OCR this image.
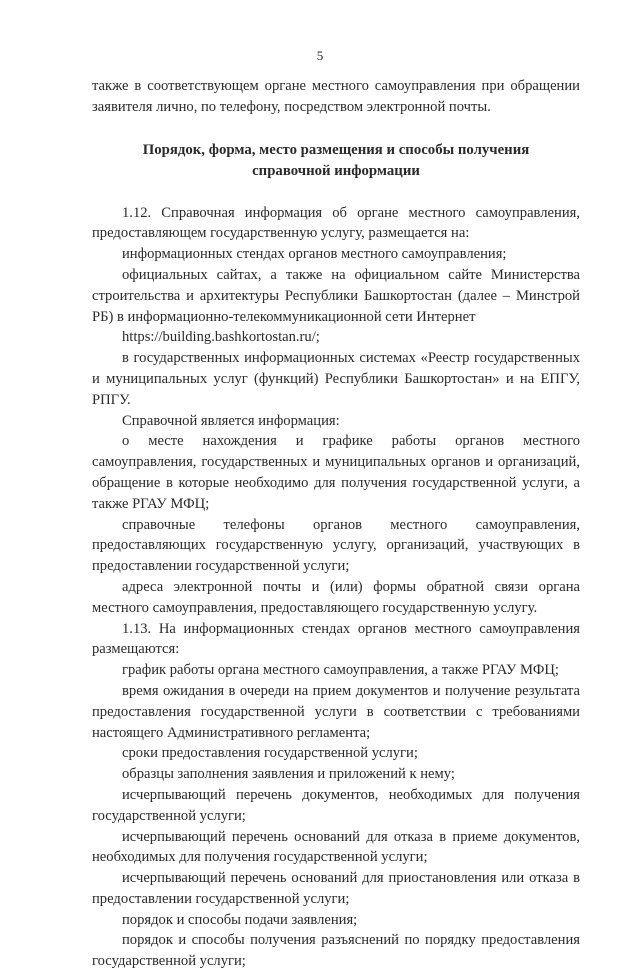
5

также в соответствующем органе местного самоуправления при обращении заявителя лично, по телефону, посредством электронной почты.

Порядок, форма, место размещения и способы получения
справочной информации

1.12. Справочная информация об органе местного самоуправления, предоставляющем государственную услугу, размещается на:

информационных стендах органов местного самоуправления;

официальных сайтах, а также на официальном сайте Министерства строительства и архитектуры Республики Башкортостан (далее – Минстрой РБ) в информационно-телекоммуникационной сети Интернет

https://building.bashkortostan.ru/;

в государственных информационных системах «Реестр государственных и муниципальных услуг (функций) Республики Башкортостан» и на ЕПГУ, РПГУ.

Справочной является информация:

о месте нахождения и графике работы органов местного самоуправления, государственных и муниципальных органов и организаций, обращение в которые необходимо для получения государственной услуги, а также РГАУ МФЦ;

справочные телефоны органов местного самоуправления, предоставляющих государственную услугу, организаций, участвующих в предоставлении государственной услуги;

адреса электронной почты и (или) формы обратной связи органа местного самоуправления, предоставляющего государственную услугу.

1.13. На информационных стендах органов местного самоуправления размещаются:

график работы органа местного самоуправления, а также РГАУ МФЦ;

время ожидания в очереди на прием документов и получение результата предоставления государственной услуги в соответствии с требованиями настоящего Административного регламента;

сроки предоставления государственной услуги;

образцы заполнения заявления и приложений к нему;

исчерпывающий перечень документов, необходимых для получения государственной услуги;

исчерпывающий перечень оснований для отказа в приеме документов, необходимых для получения государственной услуги;

исчерпывающий перечень оснований для приостановления или отказа в предоставлении государственной услуги;

порядок и способы подачи заявления;

порядок и способы получения разъяснений по порядку предоставления государственной услуги;
